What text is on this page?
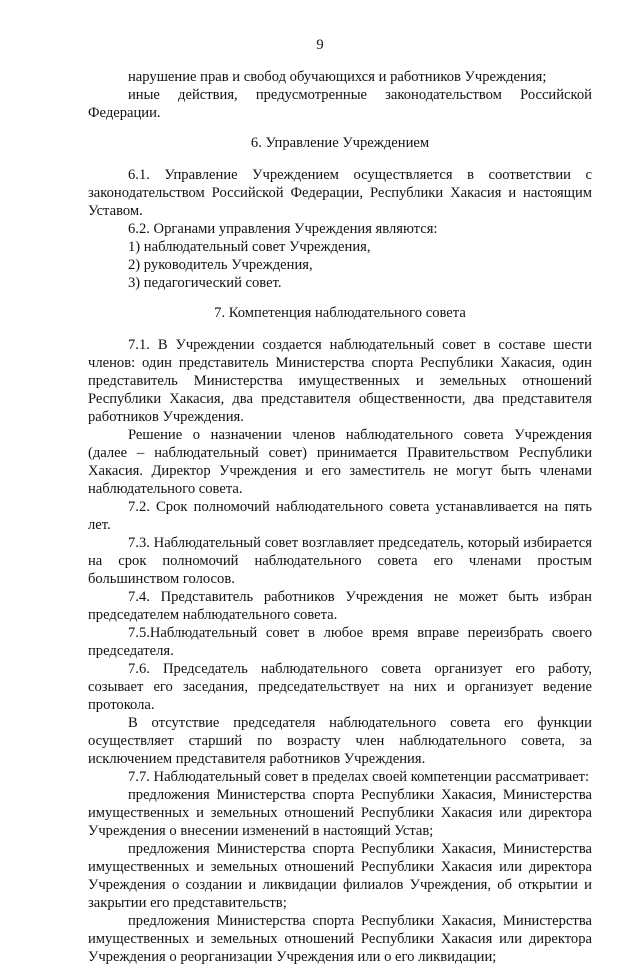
9

нарушение прав и свобод обучающихся и работников Учреждения;

иные действия, предусмотренные законодательством Российской Федерации.

6. Управление Учреждением

6.1. Управление Учреждением осуществляется в соответствии с законодательством Российской Федерации, Республики Хакасия и настоящим Уставом.

6.2. Органами управления Учреждения являются:

1) наблюдательный совет Учреждения,

2) руководитель Учреждения,

3) педагогический совет.

7. Компетенция наблюдательного совета

7.1. В Учреждении создается наблюдательный совет в составе шести членов: один представитель Министерства спорта Республики Хакасия, один представитель Министерства имущественных и земельных отношений Республики Хакасия, два представителя общественности, два представителя работников Учреждения.

Решение о назначении членов наблюдательного совета Учреждения (далее – наблюдательный совет) принимается Правительством Республики Хакасия. Директор Учреждения и его заместитель не могут быть членами наблюдательного совета.

7.2. Срок полномочий наблюдательного совета устанавливается на пять лет.

7.3. Наблюдательный совет возглавляет председатель, который избирается на срок полномочий наблюдательного совета его членами простым большинством голосов.

7.4. Представитель работников Учреждения не может быть избран председателем наблюдательного совета.

7.5.Наблюдательный совет в любое время вправе переизбрать своего председателя.

7.6. Председатель наблюдательного совета организует его работу, созывает его заседания, председательствует на них и организует ведение протокола.

В отсутствие председателя наблюдательного совета его функции осуществляет старший по возрасту член наблюдательного совета, за исключением представителя работников Учреждения.

7.7. Наблюдательный совет в пределах своей компетенции рассматривает:

предложения Министерства спорта Республики Хакасия, Министерства имущественных и земельных отношений Республики Хакасия или директора Учреждения о внесении изменений в настоящий Устав;

предложения Министерства спорта Республики Хакасия, Министерства имущественных и земельных отношений Республики Хакасия или директора Учреждения о создании и ликвидации филиалов Учреждения, об открытии и закрытии его представительств;

предложения Министерства спорта Республики Хакасия, Министерства имущественных и земельных отношений Республики Хакасия или директора Учреждения о реорганизации Учреждения или о его ликвидации;
